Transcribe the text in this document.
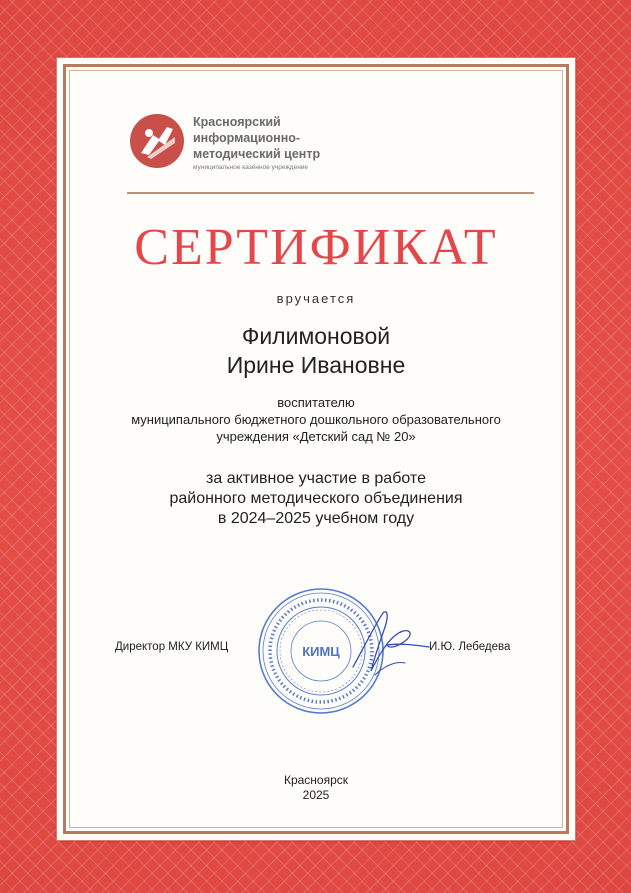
Красноярский
информационно-
методический центр
муниципальное казённое учреждение
СЕРТИФИКАТ
вручается
Филимоновой
Ирине Ивановне
воспитателю
муниципального бюджетного дошкольного образовательного
учреждения «Детский сад № 20»
за активное участие в работе
районного методического объединения
в 2024–2025 учебном году
Директор МКУ КИМЦ	КИМЦ	И.Ю. Лебедева
Красноярск
2025
